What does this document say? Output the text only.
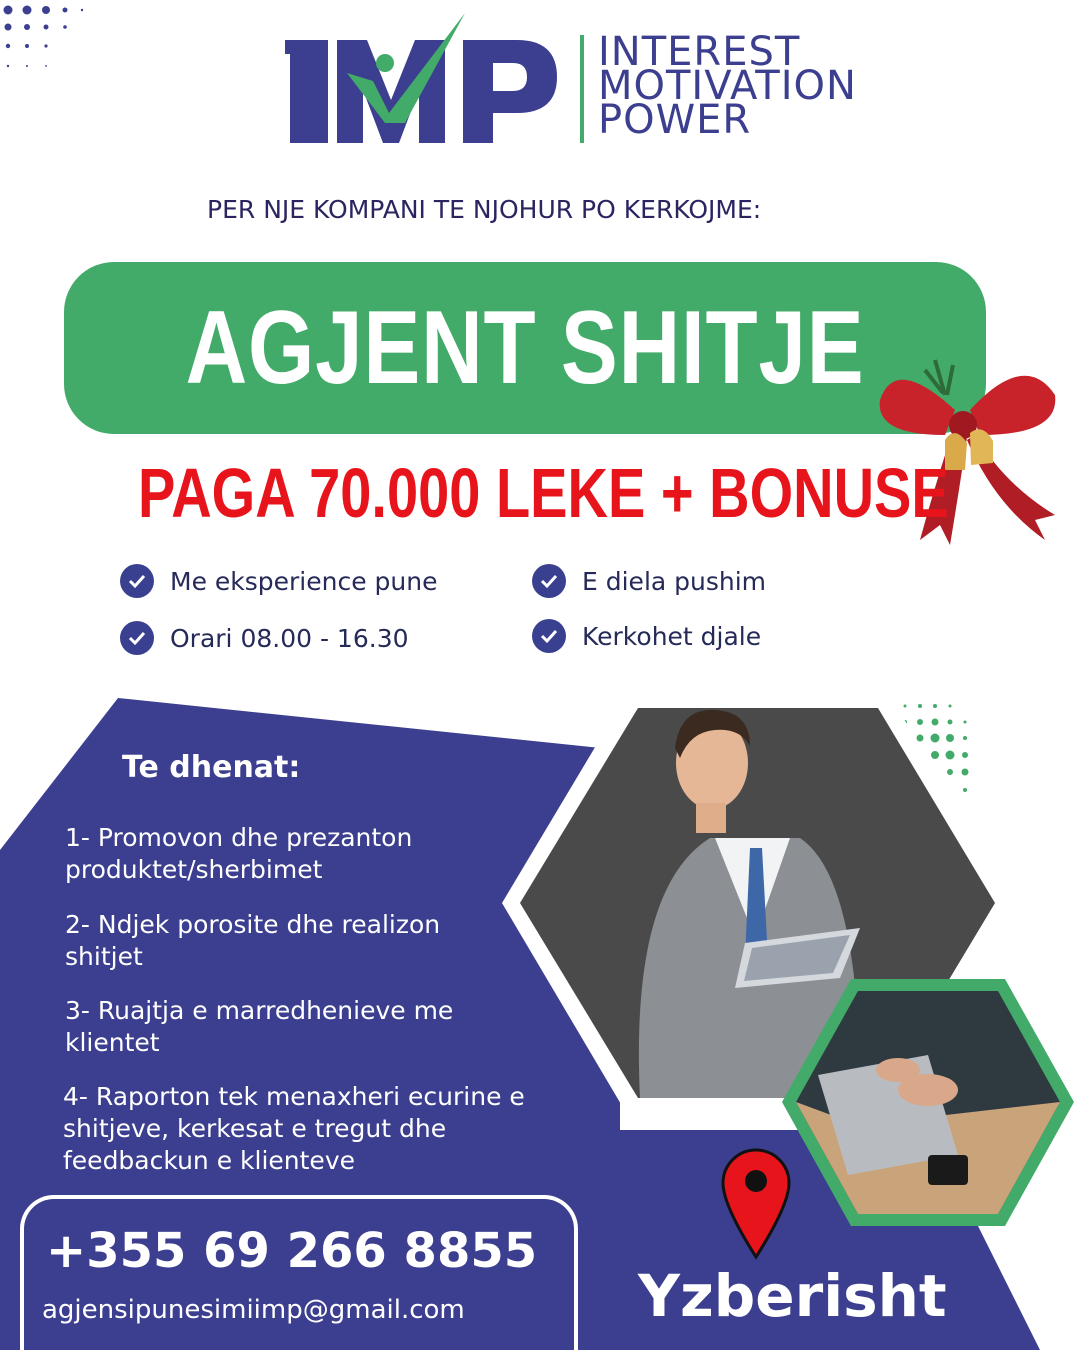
INTEREST
MOTIVATION
POWER
PER NJE KOMPANI TE NJOHUR PO KERKOJME:
AGJENT SHITJE
PAGA 70.000 LEKE + BONUSE
Me eksperience pune	E diela pushim
Orari 08.00 - 16.30	Kerkohet djale
Te dhenat:
1- Promovon dhe prezanton produktet/sherbimet
2- Ndjek porosite dhe realizon shitjet
3- Ruajtja e marredhenieve me klientet
4- Raporton tek menaxheri ecurine e shitjeve, kerkesat e tregut dhe feedbackun e klienteve
+355 69 266 8855
agjensipunesimiimp@gmail.com	Yzberisht
